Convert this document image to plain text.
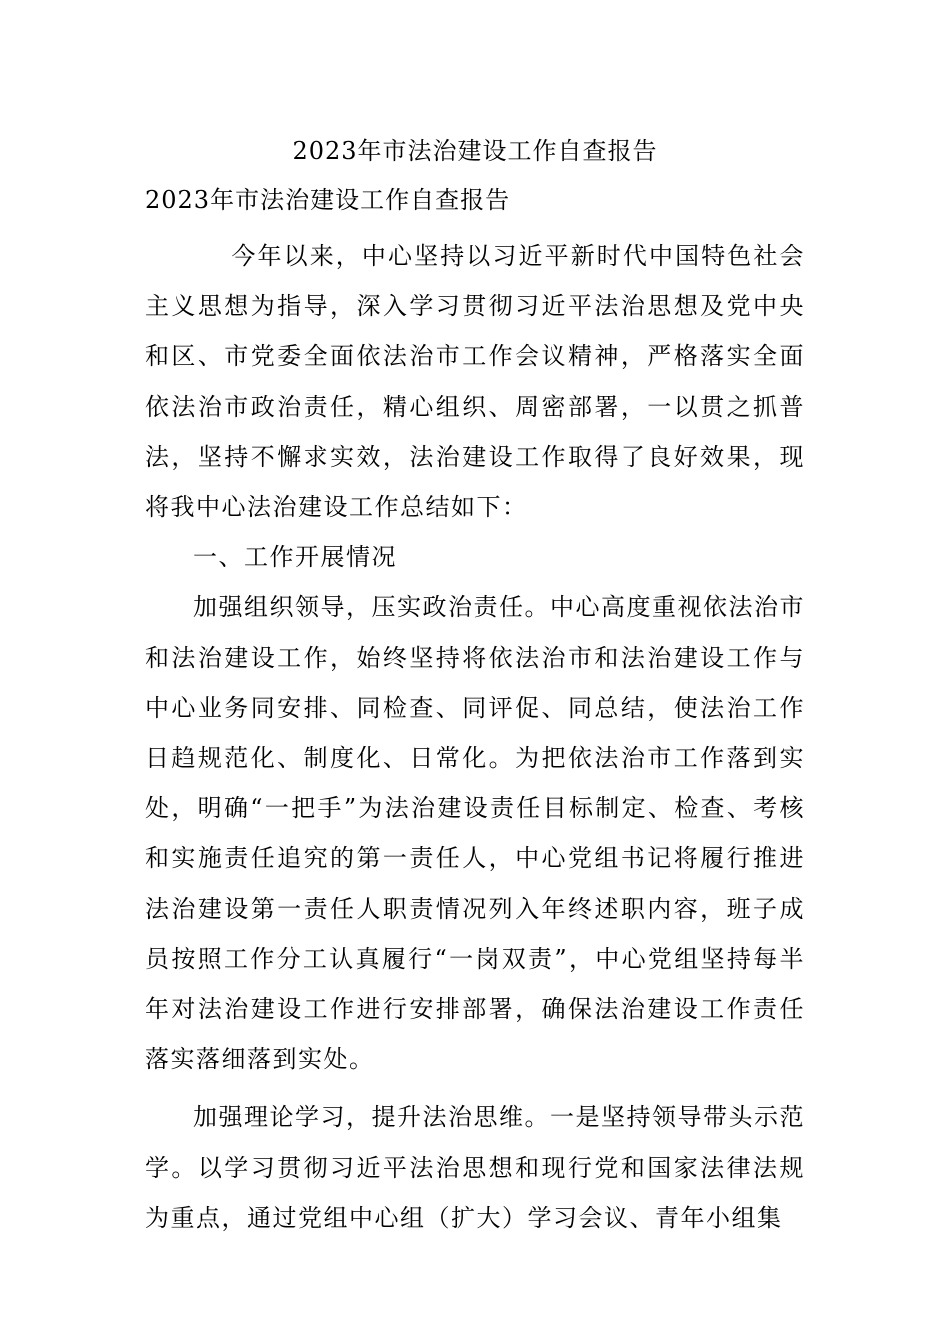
2023年市法治建设工作自查报告
2023年市法治建设工作自查报告

今年以来，中心坚持以习近平新时代中国特色社会主义思想为指导，深入学习贯彻习近平法治思想及党中央和区、市党委全面依法治市工作会议精神，严格落实全面依法治市政治责任，精心组织、周密部署，一以贯之抓普法，坚持不懈求实效，法治建设工作取得了良好效果，现将我中心法治建设工作总结如下：

一、工作开展情况

加强组织领导，压实政治责任。中心高度重视依法治市和法治建设工作，始终坚持将依法治市和法治建设工作与中心业务同安排、同检查、同评促、同总结，使法治工作日趋规范化、制度化、日常化。为把依法治市工作落到实处，明确“一把手”为法治建设责任目标制定、检查、考核和实施责任追究的第一责任人，中心党组书记将履行推进法治建设第一责任人职责情况列入年终述职内容，班子成员按照工作分工认真履行“一岗双责”，中心党组坚持每半年对法治建设工作进行安排部署，确保法治建设工作责任落实落细落到实处。

加强理论学习，提升法治思维。一是坚持领导带头示范学。以学习贯彻习近平法治思想和现行党和国家法律法规为重点，通过党组中心组（扩大）学习会议、青年小组集
